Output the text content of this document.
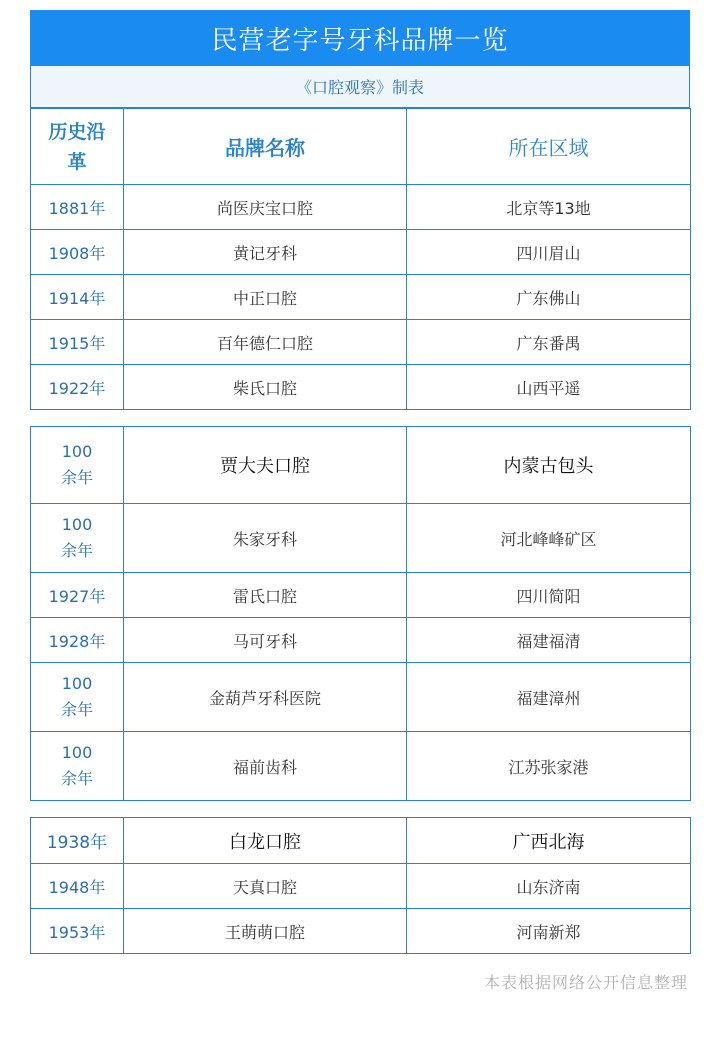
民营老字号牙科品牌一览
《口腔观察》制表
历史沿革	品牌名称	所在区域
1881年	尚医庆宝口腔	北京等13地
1908年	黄记牙科	四川眉山
1914年	中正口腔	广东佛山
1915年	百年德仁口腔	广东番禺
1922年	柴氏口腔	山西平遥
100
余年	贾大夫口腔	内蒙古包头
100
余年	朱家牙科	河北峰峰矿区
1927年	雷氏口腔	四川简阳
1928年	马可牙科	福建福清
100
余年	金葫芦牙科医院	福建漳州
100
余年	福前齿科	江苏张家港
1938年	白龙口腔	广西北海
1948年	天真口腔	山东济南
1953年	王萌萌口腔	河南新郑
本表根据网络公开信息整理
